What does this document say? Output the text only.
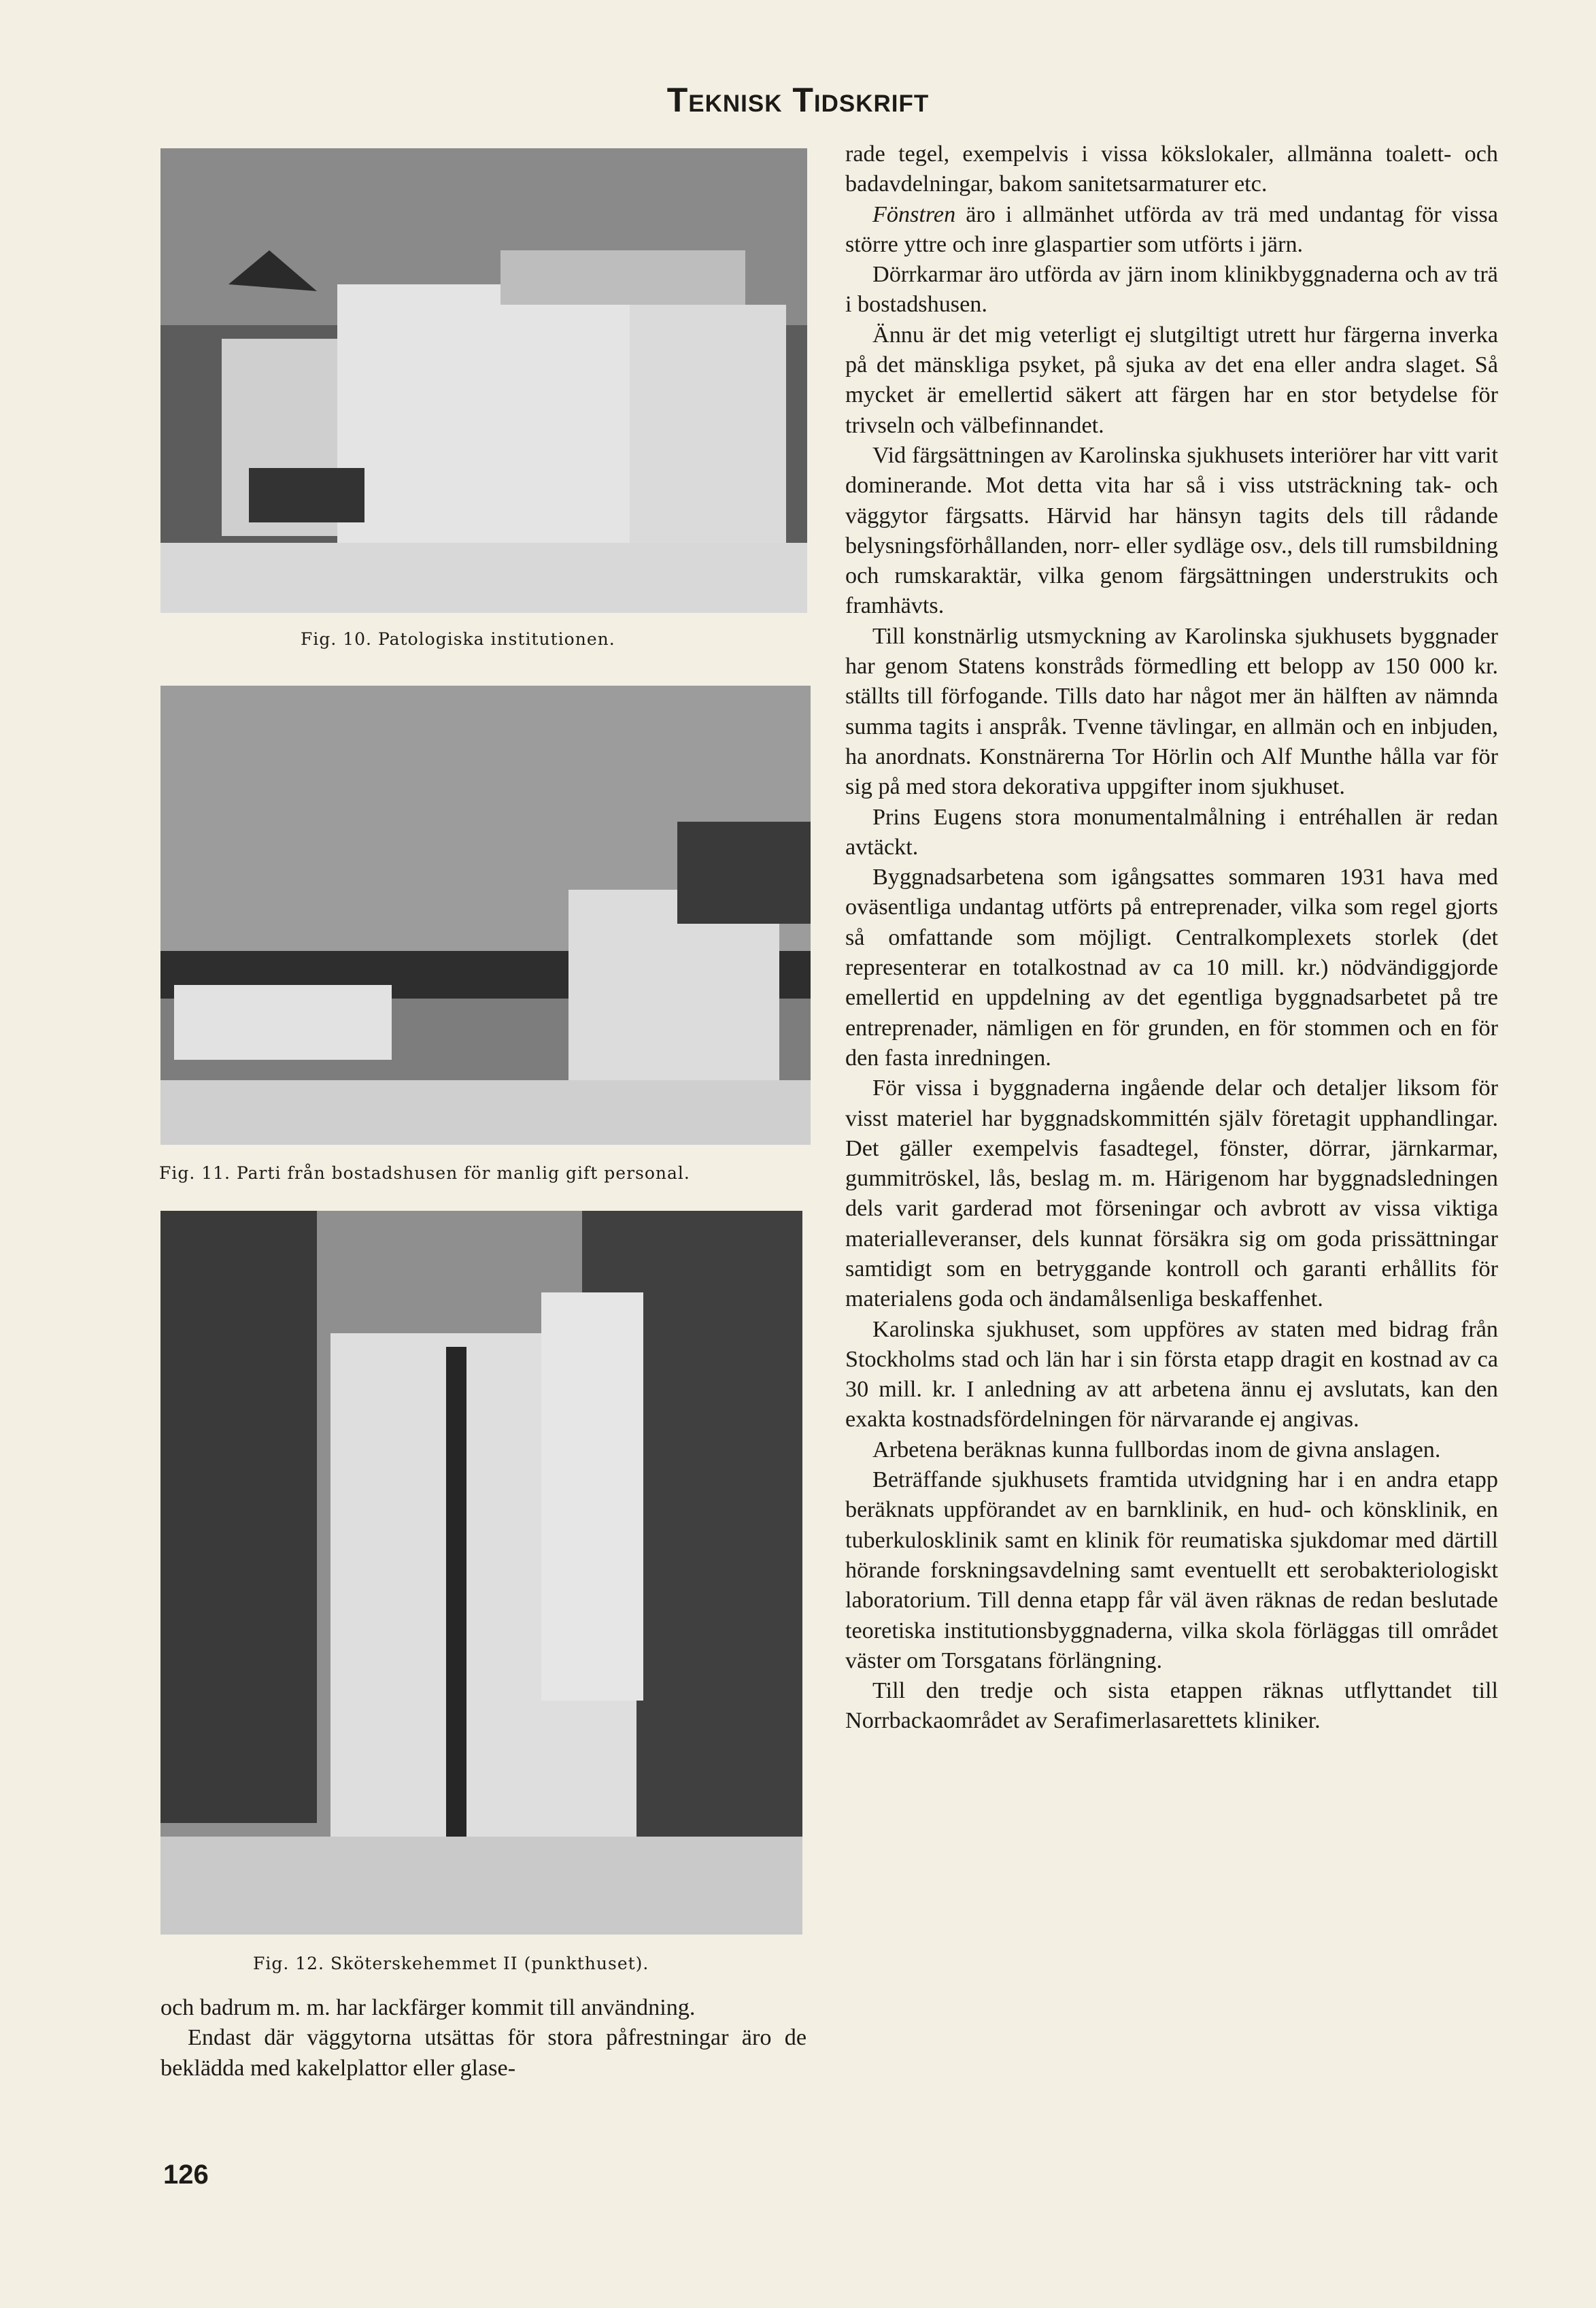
Teknisk Tidskrift
Fig. 10. Patologiska institutionen.
Fig. 11. Parti från bostadshusen för manlig gift personal.
Fig. 12. Sköterskehemmet II (punkthuset).

och badrum m. m. har lackfärger kommit till användning.

Endast där väggytorna utsättas för stora påfrestningar äro de beklädda med kakelplattor eller glase-

rade tegel, exempelvis i vissa kökslokaler, allmänna toalett- och badavdelningar, bakom sanitetsarmaturer etc.

Fönstren äro i allmänhet utförda av trä med undantag för vissa större yttre och inre glaspartier som utförts i järn.

Dörrkarmar äro utförda av järn inom klinikbyggnaderna och av trä i bostadshusen.

Ännu är det mig veterligt ej slutgiltigt utrett hur färgerna inverka på det mänskliga psyket, på sjuka av det ena eller andra slaget. Så mycket är emellertid säkert att färgen har en stor betydelse för trivseln och välbefinnandet.

Vid färgsättningen av Karolinska sjukhusets interiörer har vitt varit dominerande. Mot detta vita har så i viss utsträckning tak- och väggytor färgsatts. Härvid har hänsyn tagits dels till rådande belysningsförhållanden, norr- eller sydläge osv., dels till rumsbildning och rumskaraktär, vilka genom färgsättningen understrukits och framhävts.

Till konstnärlig utsmyckning av Karolinska sjukhusets byggnader har genom Statens konstråds förmedling ett belopp av 150 000 kr. ställts till förfogande. Tills dato har något mer än hälften av nämnda summa tagits i anspråk. Tvenne tävlingar, en allmän och en inbjuden, ha anordnats. Konstnärerna Tor Hörlin och Alf Munthe hålla var för sig på med stora dekorativa uppgifter inom sjukhuset.

Prins Eugens stora monumentalmålning i entréhallen är redan avtäckt.

Byggnadsarbetena som igångsattes sommaren 1931 hava med oväsentliga undantag utförts på entreprenader, vilka som regel gjorts så omfattande som möjligt. Centralkomplexets storlek (det representerar en totalkostnad av ca 10 mill. kr.) nödvändiggjorde emellertid en uppdelning av det egentliga byggnadsarbetet på tre entreprenader, nämligen en för grunden, en för stommen och en för den fasta inredningen.

För vissa i byggnaderna ingående delar och detaljer liksom för visst materiel har byggnadskommittén själv företagit upphandlingar. Det gäller exempelvis fasadtegel, fönster, dörrar, järnkarmar, gummitröskel, lås, beslag m. m. Härigenom har byggnadsledningen dels varit garderad mot förseningar och avbrott av vissa viktiga materialleveranser, dels kunnat försäkra sig om goda prissättningar samtidigt som en betryggande kontroll och garanti erhållits för materialens goda och ändamålsenliga beskaffenhet.

Karolinska sjukhuset, som uppföres av staten med bidrag från Stockholms stad och län har i sin första etapp dragit en kostnad av ca 30 mill. kr. I anledning av att arbetena ännu ej avslutats, kan den exakta kostnadsfördelningen för närvarande ej angivas.

Arbetena beräknas kunna fullbordas inom de givna anslagen.

Beträffande sjukhusets framtida utvidgning har i en andra etapp beräknats uppförandet av en barnklinik, en hud- och könsklinik, en tuberkulosklinik samt en klinik för reumatiska sjukdomar med därtill hörande forskningsavdelning samt eventuellt ett serobakteriologiskt laboratorium. Till denna etapp får väl även räknas de redan beslutade teoretiska institutionsbyggnaderna, vilka skola förläggas till området väster om Torsgatans förlängning.

Till den tredje och sista etappen räknas utflyttandet till Norrbackaområdet av Serafimerlasarettets kliniker.

126
